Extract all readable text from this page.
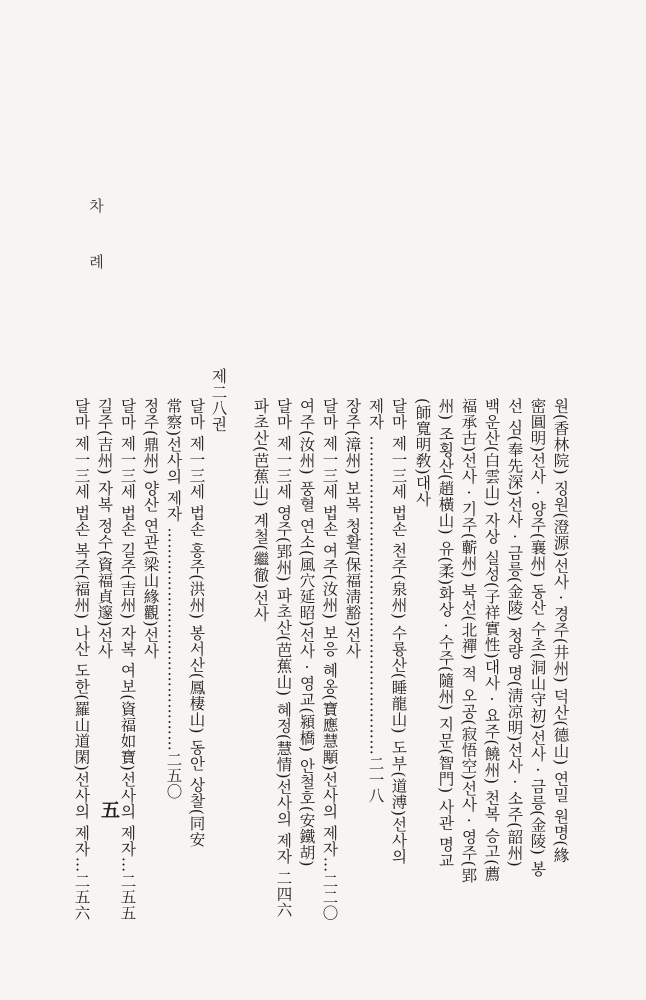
차 례
원(香林院) 징원(澄源)선사 · 경주(井州) 덕산(德山) 연밀 원명(緣
密圓明)선사 · 양주(襄州) 동산 수초(洞山守初)선사 · 금릉(金陵) 봉
선 심(奉先深)선사 · 금릉(金陵) 청량 명(淸凉明)선사 · 소주(韶州)
백운산(白雲山) 자상 실성(子祥實性)대사 · 요주(饒州) 천복 승고(薦
福承古)선사 · 기주(蘄州) 북선(北禪) 적 오공(寂悟空)선사 · 영주(郢
州) 조횡산(趙橫山) 유(柔)화상 · 수주(隨州) 지문(智門) 사관 명교
(師寬明敎)대사
달마 제一三세 법손 천주(泉州) 수룡산(睡龍山) 도부(道溥)선사의
제자 ……………………………………………………二一八
장주(漳州) 보복 청활(保福淸豁)선사
달마 제一三세 법손 여주(汝州) 보응 혜옹(寶應慧顒)선사의 제자…二二〇
여주(汝州) 풍혈 연소(風穴延昭)선사 · 영교(潁橋) 안철호(安鐵胡)
달마 제一三세 영주(郢州) 파초산(芭蕉山) 혜정(慧情)선사의 제자 二四六
파초산(芭蕉山) 계철(繼徹)선사
제二八권
달마 제一三세 법손 홍주(洪州) 봉서산(鳳棲山) 동안 상찰(同安
常察)선사의 제자 ……………………………………二五〇
정주(鼎州) 양산 연관(梁山緣觀)선사
달마 제一三세 법손 길주(吉州) 자복 여보(資福如寶)선사의 제자…二五五
길주(吉州) 자복 정수(資福貞邃)선사
달마 제一三세 법손 복주(福州) 나산 도한(羅山道閑)선사의 제자…二五六 五
